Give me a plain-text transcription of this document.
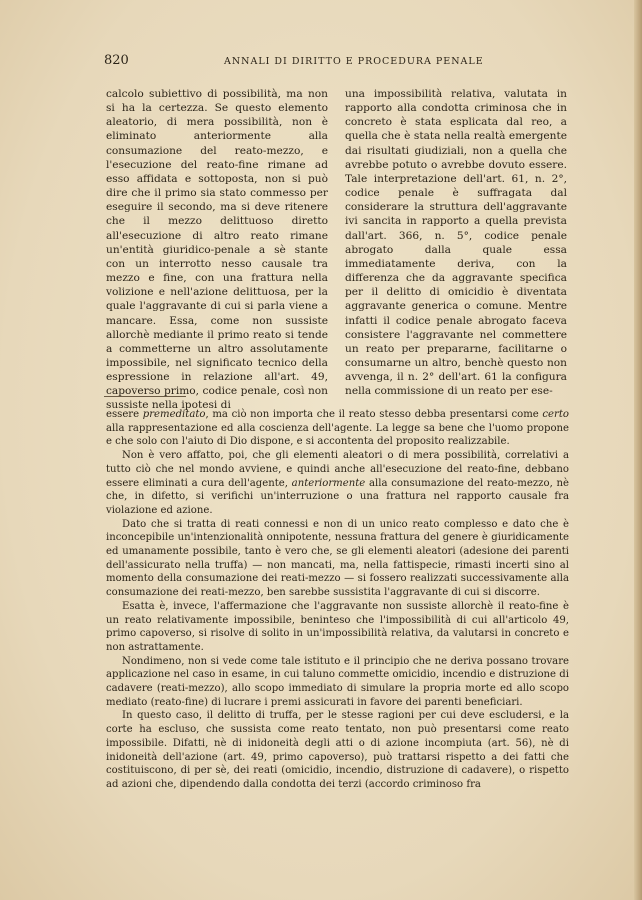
820	ANNALI DI DIRITTO E PROCEDURA PENALE

calcolo subiettivo di possibilità, ma non si ha la certezza. Se questo elemento aleatorio, di mera possibilità, non è eliminato anteriormente alla consumazione del reato-mezzo, e l'esecuzione del reato-fine rimane ad esso affidata e sottoposta, non si può dire che il primo sia stato commesso per eseguire il secondo, ma si deve ritenere che il mezzo delittuoso diretto all'esecuzione di altro reato rimane un'entità giuridico-penale a sè stante con un interrotto nesso causale tra mezzo e fine, con una frattura nella volizione e nell'azione delittuosa, per la quale l'aggravante di cui si parla viene a mancare. Essa, come non sussiste allorchè mediante il primo reato si tende a commetterne un altro assolutamente impossibile, nel significato tecnico della espressione in relazione all'art. 49, capoverso primo, codice penale, così non sussiste nella ipotesi di

una impossibilità relativa, valutata in rapporto alla condotta criminosa che in concreto è stata esplicata dal reo, a quella che è stata nella realtà emergente dai risultati giudiziali, non a quella che avrebbe potuto o avrebbe dovuto essere. Tale interpretazione dell'art. 61, n. 2°, codice penale è suffragata dal considerare la struttura dell'aggravante ivi sancita in rapporto a quella prevista dall'art. 366, n. 5°, codice penale abrogato dalla quale essa immediatamente deriva, con la differenza che da aggravante specifica per il delitto di omicidio è diventata aggravante generica o comune. Mentre infatti il codice penale abrogato faceva consistere l'aggravante nel commettere un reato per prepararne, facilitarne o consumarne un altro, benchè questo non avvenga, il n. 2° dell'art. 61 la configura nella commissione di un reato per ese-

essere premeditato, ma ciò non importa che il reato stesso debba presentarsi come certo alla rappresentazione ed alla coscienza dell'agente. La legge sa bene che l'uomo propone e che solo con l'aiuto di Dio dispone, e si accontenta del proposito realizzabile.

Non è vero affatto, poi, che gli elementi aleatori o di mera possibilità, correlativi a tutto ciò che nel mondo avviene, e quindi anche all'esecuzione del reato-fine, debbano essere eliminati a cura dell'agente, anteriormente alla consumazione del reato-mezzo, nè che, in difetto, si verifichi un'interruzione o una frattura nel rapporto causale fra violazione ed azione.

Dato che si tratta di reati connessi e non di un unico reato complesso e dato che è inconcepibile un'intenzionalità onnipotente, nessuna frattura del genere è giuridicamente ed umanamente possibile, tanto è vero che, se gli elementi aleatori (adesione dei parenti dell'assicurato nella truffa) — non mancati, ma, nella fattispecie, rimasti incerti sino al momento della consumazione dei reati-mezzo — si fossero realizzati successivamente alla consumazione dei reati-mezzo, ben sarebbe sussistita l'aggravante di cui si discorre.

Esatta è, invece, l'affermazione che l'aggravante non sussiste allorchè il reato-fine è un reato relativamente impossibile, beninteso che l'impossibilità di cui all'articolo 49, primo capoverso, si risolve di solito in un'impossibilità relativa, da valutarsi in concreto e non astrattamente.

Nondimeno, non si vede come tale istituto e il principio che ne deriva possano trovare applicazione nel caso in esame, in cui taluno commette omicidio, incendio e distruzione di cadavere (reati-mezzo), allo scopo immediato di simulare la propria morte ed allo scopo mediato (reato-fine) di lucrare i premi assicurati in favore dei parenti beneficiari.

In questo caso, il delitto di truffa, per le stesse ragioni per cui deve escludersi, e la corte ha escluso, che sussista come reato tentato, non può presentarsi come reato impossibile. Difatti, nè di inidoneità degli atti o di azione incompiuta (art. 56), nè di inidoneità dell'azione (art. 49, primo capoverso), può trattarsi rispetto a dei fatti che costituiscono, di per sè, dei reati (omicidio, incendio, distruzione di cadavere), o rispetto ad azioni che, dipendendo dalla condotta dei terzi (accordo criminoso fra
